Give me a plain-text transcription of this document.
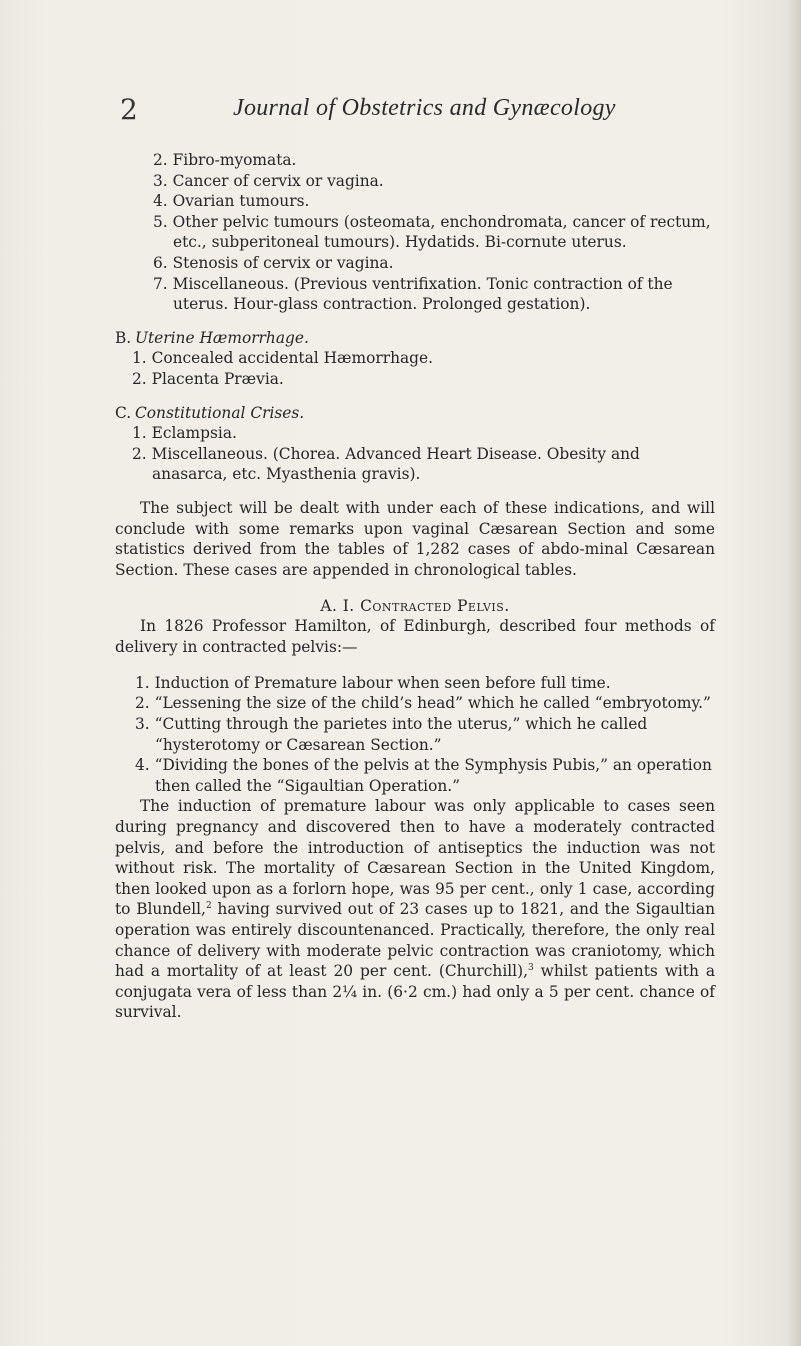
2	Journal of Obstetrics and Gynæcology
2. Fibro-myomata.
3. Cancer of cervix or vagina.
4. Ovarian tumours.
5. Other pelvic tumours (osteomata, enchondromata, cancer of rectum, etc., subperitoneal tumours). Hydatids. Bi-cornute uterus.
6. Stenosis of cervix or vagina.
7. Miscellaneous. (Previous ventrifixation. Tonic contraction of the uterus. Hour-glass contraction. Prolonged gestation).
B. Uterine Hæmorrhage.
1. Concealed accidental Hæmorrhage.
2. Placenta Prævia.
C. Constitutional Crises.
1. Eclampsia.
2. Miscellaneous. (Chorea. Advanced Heart Disease. Obesity and anasarca, etc. Myasthenia gravis).

The subject will be dealt with under each of these indications, and will conclude with some remarks upon vaginal Cæsarean Section and some statistics derived from the tables of 1,282 cases of abdo-minal Cæsarean Section. These cases are appended in chronological tables.

A. I. Contracted Pelvis.

In 1826 Professor Hamilton, of Edinburgh, described four methods of delivery in contracted pelvis:—

1. Induction of Premature labour when seen before full time.
2. “Lessening the size of the child’s head” which he called “embryotomy.”
3. “Cutting through the parietes into the uterus,” which he called “hysterotomy or Cæsarean Section.”
4. “Dividing the bones of the pelvis at the Symphysis Pubis,” an operation then called the “Sigaultian Operation.”

The induction of premature labour was only applicable to cases seen during pregnancy and discovered then to have a moderately contracted pelvis, and before the introduction of antiseptics the induction was not without risk. The mortality of Cæsarean Section in the United Kingdom, then looked upon as a forlorn hope, was 95 per cent., only 1 case, according to Blundell,$^2$ having survived out of 23 cases up to 1821, and the Sigaultian operation was entirely discountenanced. Practically, therefore, the only real chance of delivery with moderate pelvic contraction was craniotomy, which had a mortality of at least 20 per cent. (Churchill),$^3$ whilst patients with a conjugata vera of less than 2¼ in. (6·2 cm.) had only a 5 per cent. chance of survival.
